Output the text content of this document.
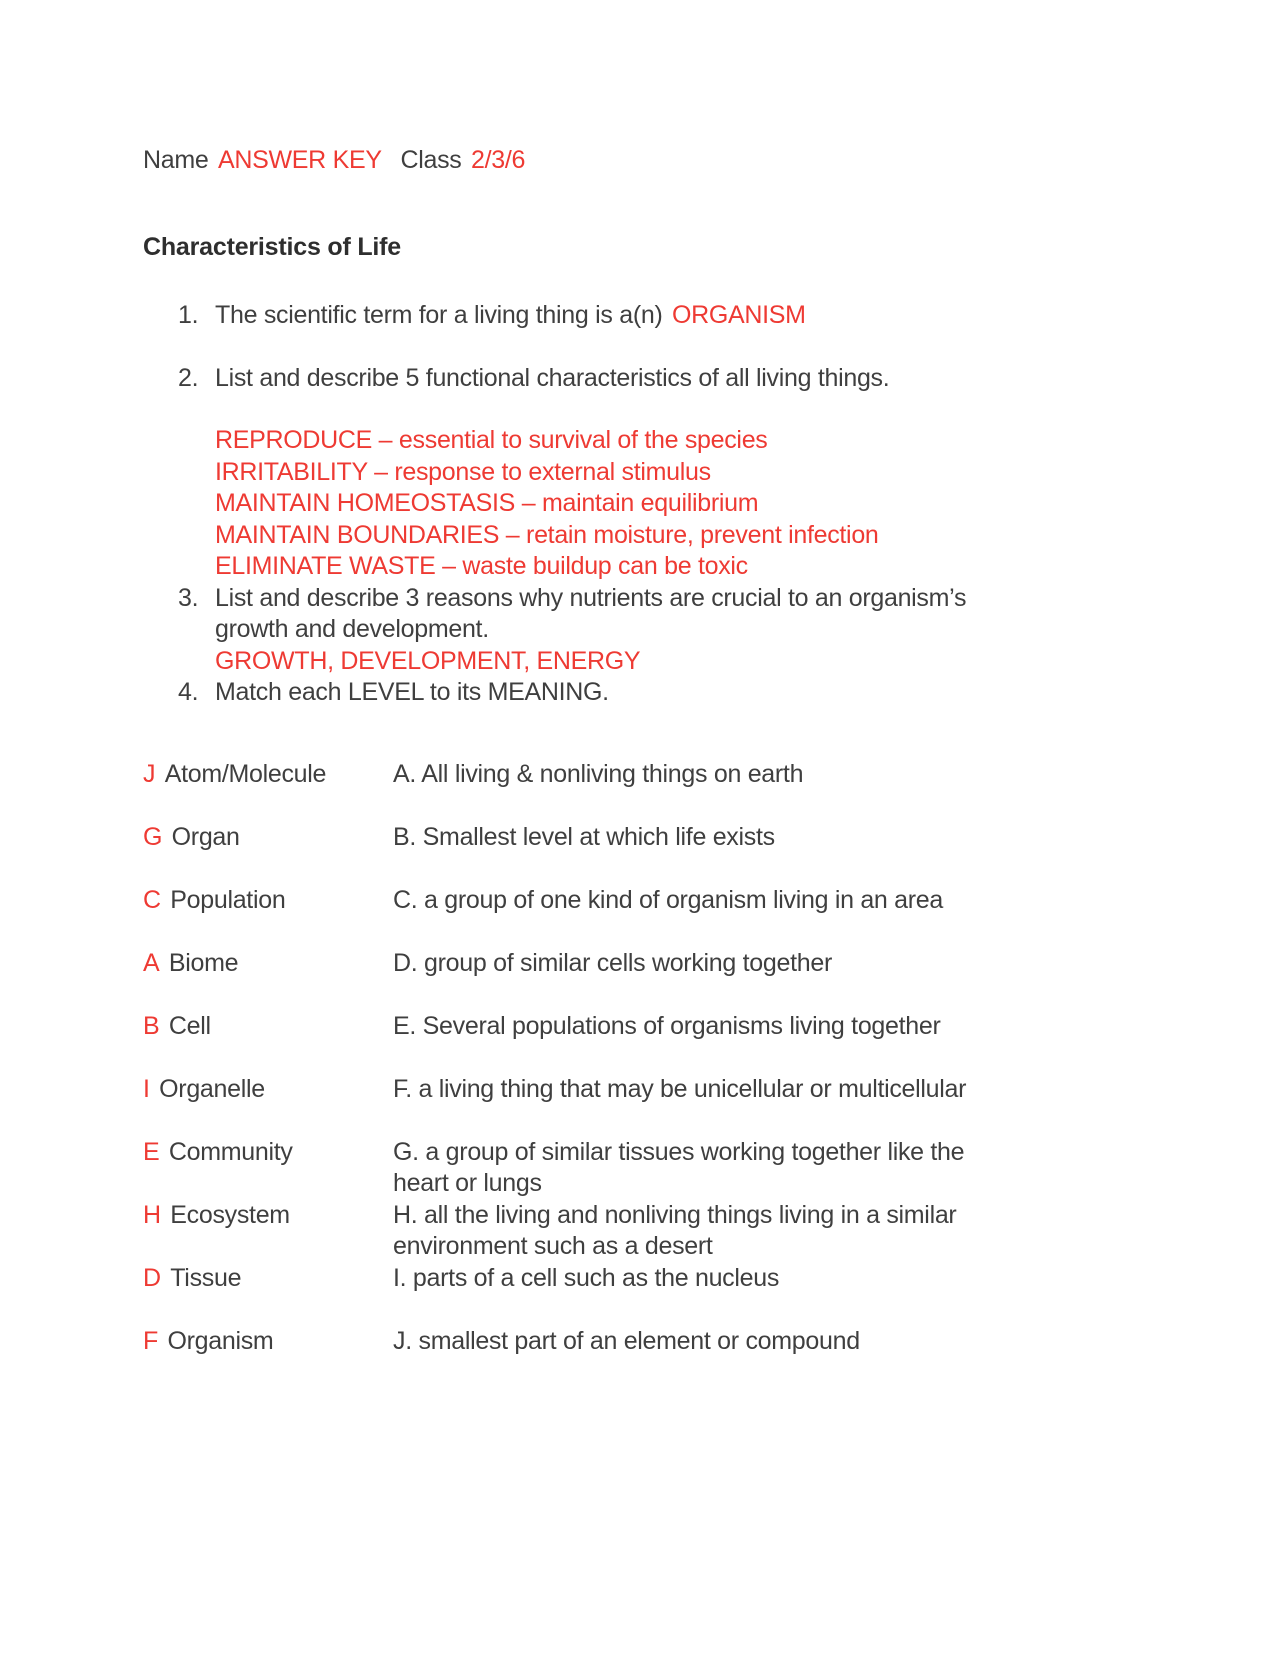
Name ANSWER KEY Class 2/3/6
Characteristics of Life
1. The scientific term for a living thing is a(n) ORGANISM
2. List and describe 5 functional characteristics of all living things.
REPRODUCE – essential to survival of the species
IRRITABILITY – response to external stimulus
MAINTAIN HOMEOSTASIS – maintain equilibrium
MAINTAIN BOUNDARIES – retain moisture, prevent infection
ELIMINATE WASTE – waste buildup can be toxic
3. List and describe 3 reasons why nutrients are crucial to an organism’s growth and development.
GROWTH, DEVELOPMENT, ENERGY
4. Match each LEVEL to its MEANING.
J Atom/Molecule	A. All living & nonliving things on earth
G Organ	B. Smallest level at which life exists
C Population	C. a group of one kind of organism living in an area
A Biome	D. group of similar cells working together
B Cell	E. Several populations of organisms living together
I Organelle	F. a living thing that may be unicellular or multicellular
E Community	G. a group of similar tissues working together like the heart or lungs
H Ecosystem	H. all the living and nonliving things living in a similar environment such as a desert
D Tissue	I. parts of a cell such as the nucleus
F Organism	J. smallest part of an element or compound
